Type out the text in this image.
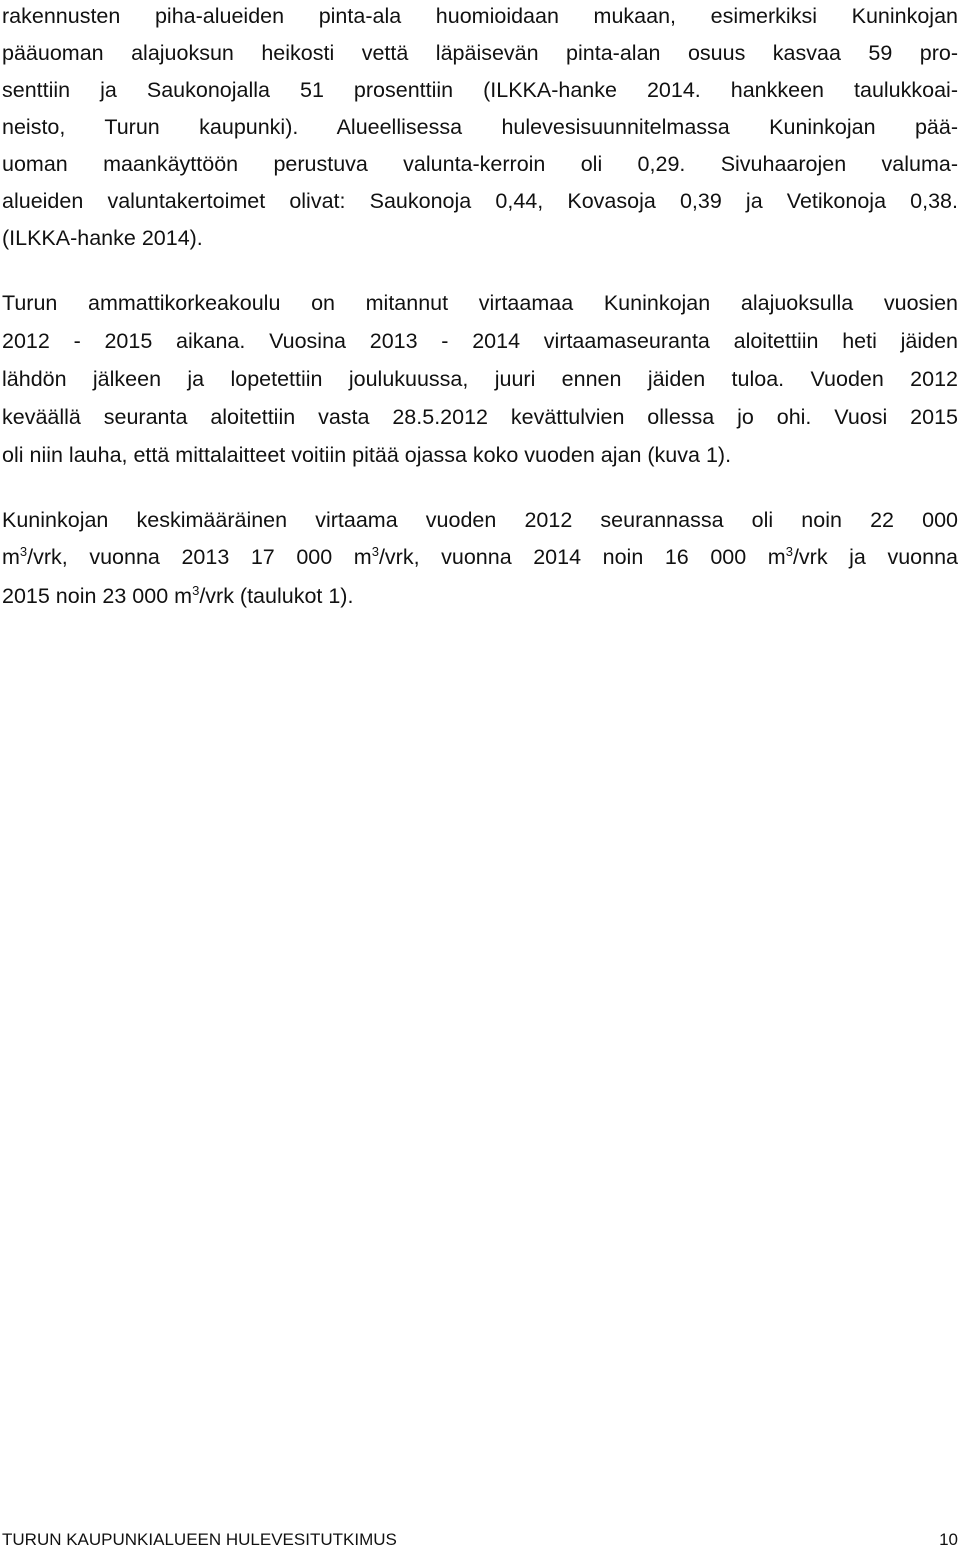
rakennusten piha-alueiden pinta-ala huomioidaan mukaan, esimerkiksi Kuninkojan
pääuoman alajuoksun heikosti vettä läpäisevän pinta-alan osuus kasvaa 59 pro-
senttiin ja Saukonojalla 51 prosenttiin (ILKKA-hanke 2014. hankkeen taulukkoai-
neisto, Turun kaupunki). Alueellisessa hulevesisuunnitelmassa Kuninkojan pää-
uoman maankäyttöön perustuva valunta-kerroin oli 0,29. Sivuhaarojen valuma-
alueiden valuntakertoimet olivat: Saukonoja 0,44, Kovasoja 0,39 ja Vetikonoja 0,38.
(ILKKA-hanke 2014).
Turun ammattikorkeakoulu on mitannut virtaamaa Kuninkojan alajuoksulla vuosien
2012 - 2015 aikana. Vuosina 2013 - 2014 virtaamaseuranta aloitettiin heti jäiden
lähdön jälkeen ja lopetettiin joulukuussa, juuri ennen jäiden tuloa. Vuoden 2012
keväällä seuranta aloitettiin vasta 28.5.2012 kevättulvien ollessa jo ohi. Vuosi 2015
oli niin lauha, että mittalaitteet voitiin pitää ojassa koko vuoden ajan (kuva 1).
Kuninkojan keskimääräinen virtaama vuoden 2012 seurannassa oli noin 22 000
$m^3$/vrk, vuonna 2013 17 000 $m^3$/vrk, vuonna 2014 noin 16 000 $m^3$/vrk ja vuonna
2015 noin 23 000 $m^3$/vrk (taulukot 1).
TURUN KAUPUNKIALUEEN HULEVESITUTKIMUS	10
